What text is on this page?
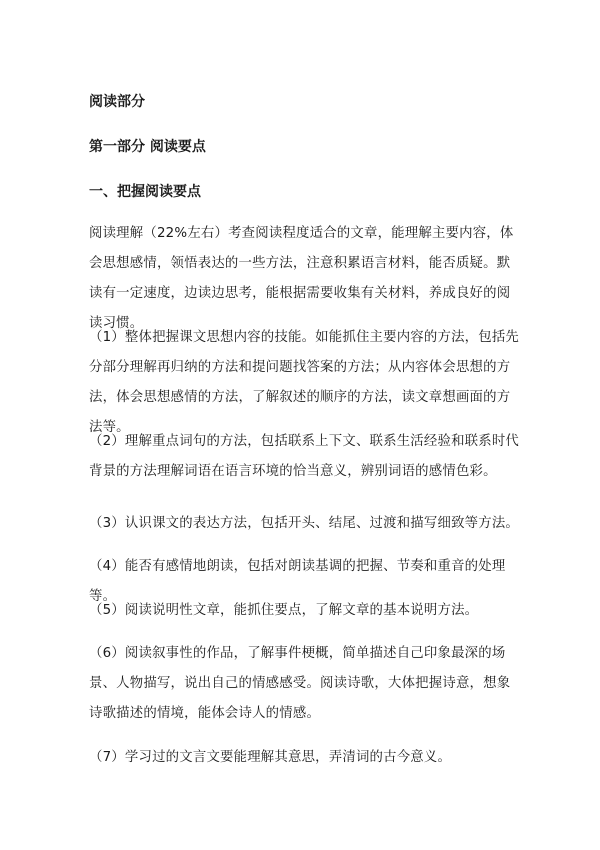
阅读部分
第一部分 阅读要点
一、把握阅读要点

阅读理解（22%左右）考查阅读程度适合的文章，能理解主要内容，体会思想感情，领悟表达的一些方法，注意积累语言材料，能否质疑。默读有一定速度，边读边思考，能根据需要收集有关材料，养成良好的阅读习惯。

（1）整体把握课文思想内容的技能。如能抓住主要内容的方法，包括先分部分理解再归纳的方法和提问题找答案的方法；从内容体会思想的方法，体会思想感情的方法，了解叙述的顺序的方法，读文章想画面的方法等。

（2）理解重点词句的方法，包括联系上下文、联系生活经验和联系时代背景的方法理解词语在语言环境的恰当意义，辨别词语的感情色彩。

（3）认识课文的表达方法，包括开头、结尾、过渡和描写细致等方法。

（4）能否有感情地朗读，包括对朗读基调的把握、节奏和重音的处理等。

（5）阅读说明性文章，能抓住要点，了解文章的基本说明方法。

（6）阅读叙事性的作品，了解事件梗概，简单描述自己印象最深的场景、人物描写，说出自己的情感感受。阅读诗歌，大体把握诗意，想象诗歌描述的情境，能体会诗人的情感。

（7）学习过的文言文要能理解其意思，弄清词的古今意义。
